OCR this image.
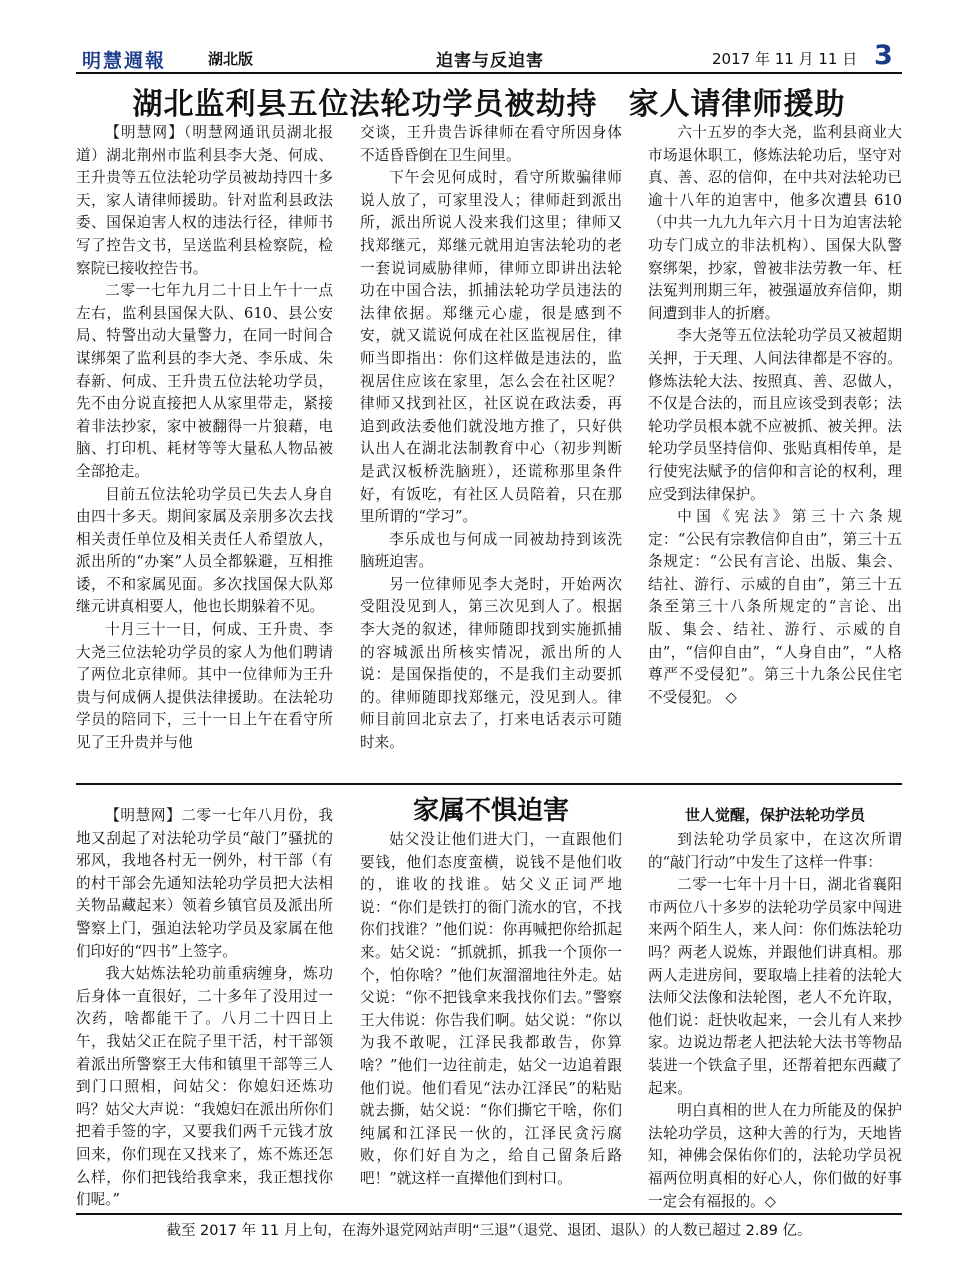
明慧週報	湖北版	迫害与反迫害	2017 年 11 月 11 日 3
湖北监利县五位法轮功学员被劫持　家人请律师援助

【明慧网】（明慧网通讯员湖北报道）湖北荆州市监利县李大尧、何成、王升贵等五位法轮功学员被劫持四十多天，家人请律师援助。针对监利县政法委、国保迫害人权的违法行径，律师书写了控告文书，呈送监利县检察院，检察院已接收控告书。

二零一七年九月二十日上午十一点左右，监利县国保大队、610、县公安局、特警出动大量警力，在同一时间合谋绑架了监利县的李大尧、李乐成、朱春新、何成、王升贵五位法轮功学员，先不由分说直接把人从家里带走，紧接着非法抄家，家中被翻得一片狼藉，电脑、打印机、耗材等等大量私人物品被全部抢走。

目前五位法轮功学员已失去人身自由四十多天。期间家属及亲朋多次去找相关责任单位及相关责任人希望放人，派出所的“办案”人员全都躲避，互相推诿，不和家属见面。多次找国保大队郑继元讲真相要人，他也长期躲着不见。

十月三十一日，何成、王升贵、李大尧三位法轮功学员的家人为他们聘请了两位北京律师。其中一位律师为王升贵与何成俩人提供法律援助。在法轮功学员的陪同下，三十一日上午在看守所见了王升贵并与他

交谈，王升贵告诉律师在看守所因身体不适昏昏倒在卫生间里。

下午会见何成时，看守所欺骗律师说人放了，可家里没人；律师赶到派出所，派出所说人没来我们这里；律师又找郑继元，郑继元就用迫害法轮功的老一套说词威胁律师，律师立即讲出法轮功在中国合法，抓捕法轮功学员违法的法律依据。郑继元心虚，很是感到不安，就又谎说何成在社区监视居住，律师当即指出：你们这样做是违法的，监视居住应该在家里，怎么会在社区呢？律师又找到社区，社区说在政法委，再追到政法委他们就没地方推了，只好供认出人在湖北法制教育中心（初步判断是武汉板桥洗脑班），还谎称那里条件好，有饭吃，有社区人员陪着，只在那里所谓的“学习”。

李乐成也与何成一同被劫持到该洗脑班迫害。

另一位律师见李大尧时，开始两次受阻没见到人，第三次见到人了。根据李大尧的叙述，律师随即找到实施抓捕的容城派出所核实情况，派出所的人说：是国保指使的，不是我们主动要抓的。律师随即找郑继元，没见到人。律师目前回北京去了，打来电话表示可随时来。

六十五岁的李大尧，监利县商业大市场退休职工，修炼法轮功后，坚守对真、善、忍的信仰，在中共对法轮功已逾十八年的迫害中，他多次遭县 610（中共一九九九年六月十日为迫害法轮功专门成立的非法机构）、国保大队警察绑架，抄家，曾被非法劳教一年、枉法冤判刑期三年，被强逼放弃信仰，期间遭到非人的折磨。

李大尧等五位法轮功学员又被超期关押，于天理、人间法律都是不容的。修炼法轮大法、按照真、善、忍做人，不仅是合法的，而且应该受到表彰；法轮功学员根本就不应被抓、被关押。法轮功学员坚持信仰、张贴真相传单，是行使宪法赋予的信仰和言论的权利，理应受到法律保护。

中国《宪法》第三十六条规定：“公民有宗教信仰自由”，第三十五条规定：“公民有言论、出版、集会、结社、游行、示威的自由”，第三十五条至第三十八条所规定的“言论、出版、集会、结社、游行、示威的自由”，“信仰自由”，“人身自由”，“人格尊严不受侵犯”。第三十九条公民住宅不受侵犯。 ◇

家属不惧迫害

【明慧网】二零一七年八月份，我地又刮起了对法轮功学员“敲门”骚扰的邪风，我地各村无一例外，村干部（有的村干部会先通知法轮功学员把大法相关物品藏起来）领着乡镇官员及派出所警察上门，强迫法轮功学员及家属在他们印好的“四书”上签字。

我大姑炼法轮功前重病缠身，炼功后身体一直很好，二十多年了没用过一次药，啥都能干了。八月二十四日上午，我姑父正在院子里干活，村干部领着派出所警察王大伟和镇里干部等三人到门口照相，问姑父：你媳妇还炼功吗？姑父大声说：“我媳妇在派出所你们把着手签的字，又要我们两千元钱才放回来，你们现在又找来了，炼不炼还怎么样，你们把钱给我拿来，我正想找你们呢。”

姑父没让他们进大门，一直跟他们要钱，他们态度蛮横，说钱不是他们收的，谁收的找谁。姑父义正词严地说：“你们是铁打的衙门流水的官，不找你们找谁？”他们说：你再喊把你给抓起来。姑父说：“抓就抓，抓我一个顶你一个，怕你啥？”他们灰溜溜地往外走。姑父说：“你不把钱拿来我找你们去。”警察王大伟说：你告我们啊。姑父说：“你以为我不敢呢，江泽民我都敢告，你算啥？”他们一边往前走，姑父一边追着跟他们说。他们看见“法办江泽民”的粘贴就去撕，姑父说：“你们撕它干啥，你们纯属和江泽民一伙的，江泽民贪污腐败，你们好自为之，给自己留条后路吧！”就这样一直撵他们到村口。

世人觉醒，保护法轮功学员

到法轮功学员家中，在这次所谓的“敲门行动”中发生了这样一件事：

二零一七年十月十日，湖北省襄阳市两位八十多岁的法轮功学员家中闯进来两个陌生人，来人问：你们炼法轮功吗？两老人说炼，并跟他们讲真相。那两人走进房间，要取墙上挂着的法轮大法师父法像和法轮图，老人不允许取，他们说：赶快收起来，一会儿有人来抄家。边说边帮老人把法轮大法书等物品装进一个铁盒子里，还帮着把东西藏了起来。

明白真相的世人在力所能及的保护法轮功学员，这种大善的行为，天地皆知，神佛会保佑你们的，法轮功学员祝福两位明真相的好心人，你们做的好事一定会有福报的。◇

截至 2017 年 11 月上旬，在海外退党网站声明“三退”（退党、退团、退队）的人数已超过 2.89 亿。
